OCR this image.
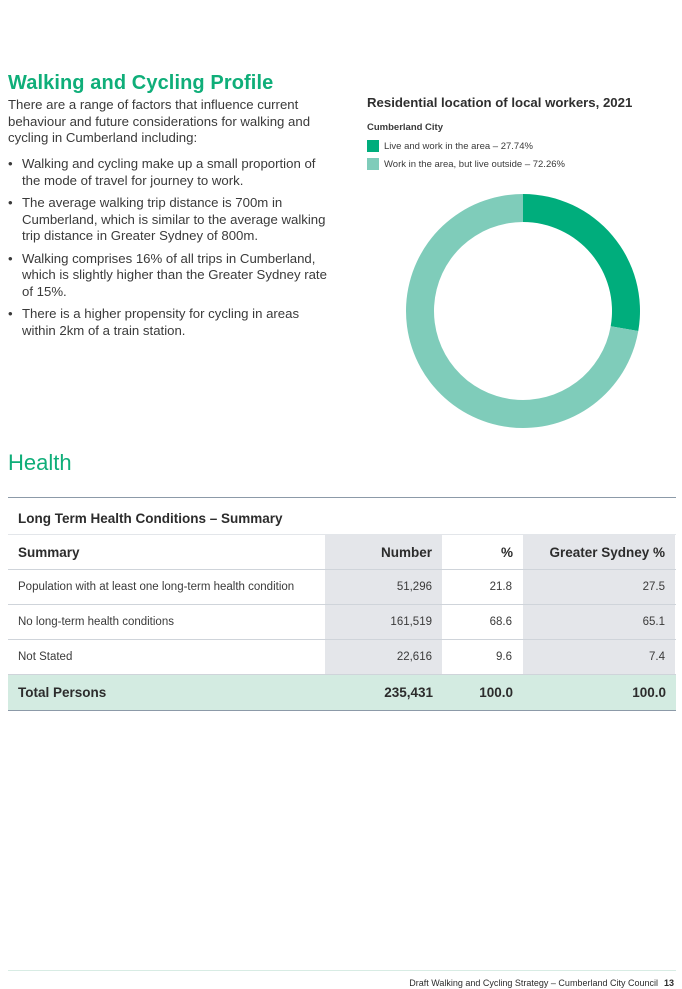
Walking and Cycling Profile

There are a range of factors that influence current behaviour and future considerations for walking and cycling in Cumberland including:

• Walking and cycling make up a small proportion of the mode of travel for journey to work.
• The average walking trip distance is 700m in Cumberland, which is similar to the average walking trip distance in Greater Sydney of 800m.
• Walking comprises 16% of all trips in Cumberland, which is slightly higher than the Greater Sydney rate of 15%.
• There is a higher propensity for cycling in areas within 2km of a train station.
Residential location of local workers, 2021
Cumberland City
Live and work in the area – 27.74%
Work in the area, but live outside – 72.26%
Health
Long Term Health Conditions – Summary
Summary	Number	%	Greater Sydney %
Population with at least one long-term health condition	51,296	21.8	27.5
No long-term health conditions	161,519	68.6	65.1
Not Stated	22,616	9.6	7.4
Total Persons	235,431	100.0	100.0
Draft Walking and Cycling Strategy – Cumberland City Council 13
